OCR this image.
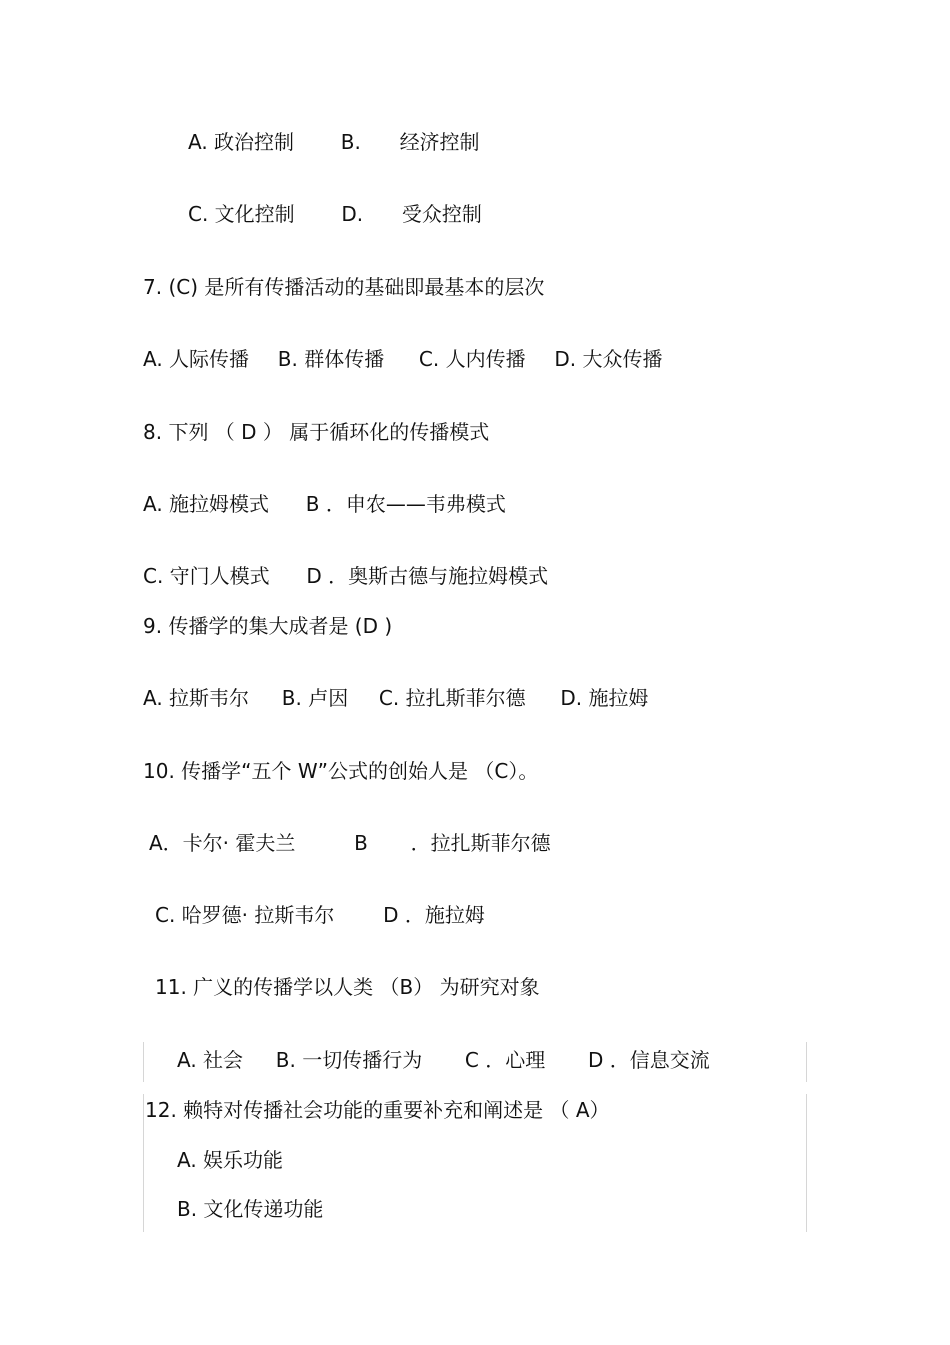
A. 政治控制 B. 经济控制
C. 文化控制 D. 受众控制
7. (C) 是所有传播活动的基础即最基本的层次
A. 人际传播 B. 群体传播 C. 人内传播 D. 大众传播
8. 下列 （ D ） 属于循环化的传播模式
A. 施拉姆模式 B ．申农——韦弗模式
C. 守门人模式 D ．奥斯古德与施拉姆模式
9. 传播学的集大成者是 (D )
A. 拉斯韦尔 B. 卢因 C. 拉扎斯菲尔德 D. 施拉姆
10. 传播学“五个 W”公式的创始人是 （C）。
A．卡尔· 霍夫兰	B ．拉扎斯菲尔德
C. 哈罗德· 拉斯韦尔 D ．施拉姆
11. 广义的传播学以人类 （B） 为研究对象
A. 社会 B. 一切传播行为 C ．心理 D ．信息交流
12. 赖特对传播社会功能的重要补充和阐述是 （ A）
A. 娱乐功能
B. 文化传递功能
